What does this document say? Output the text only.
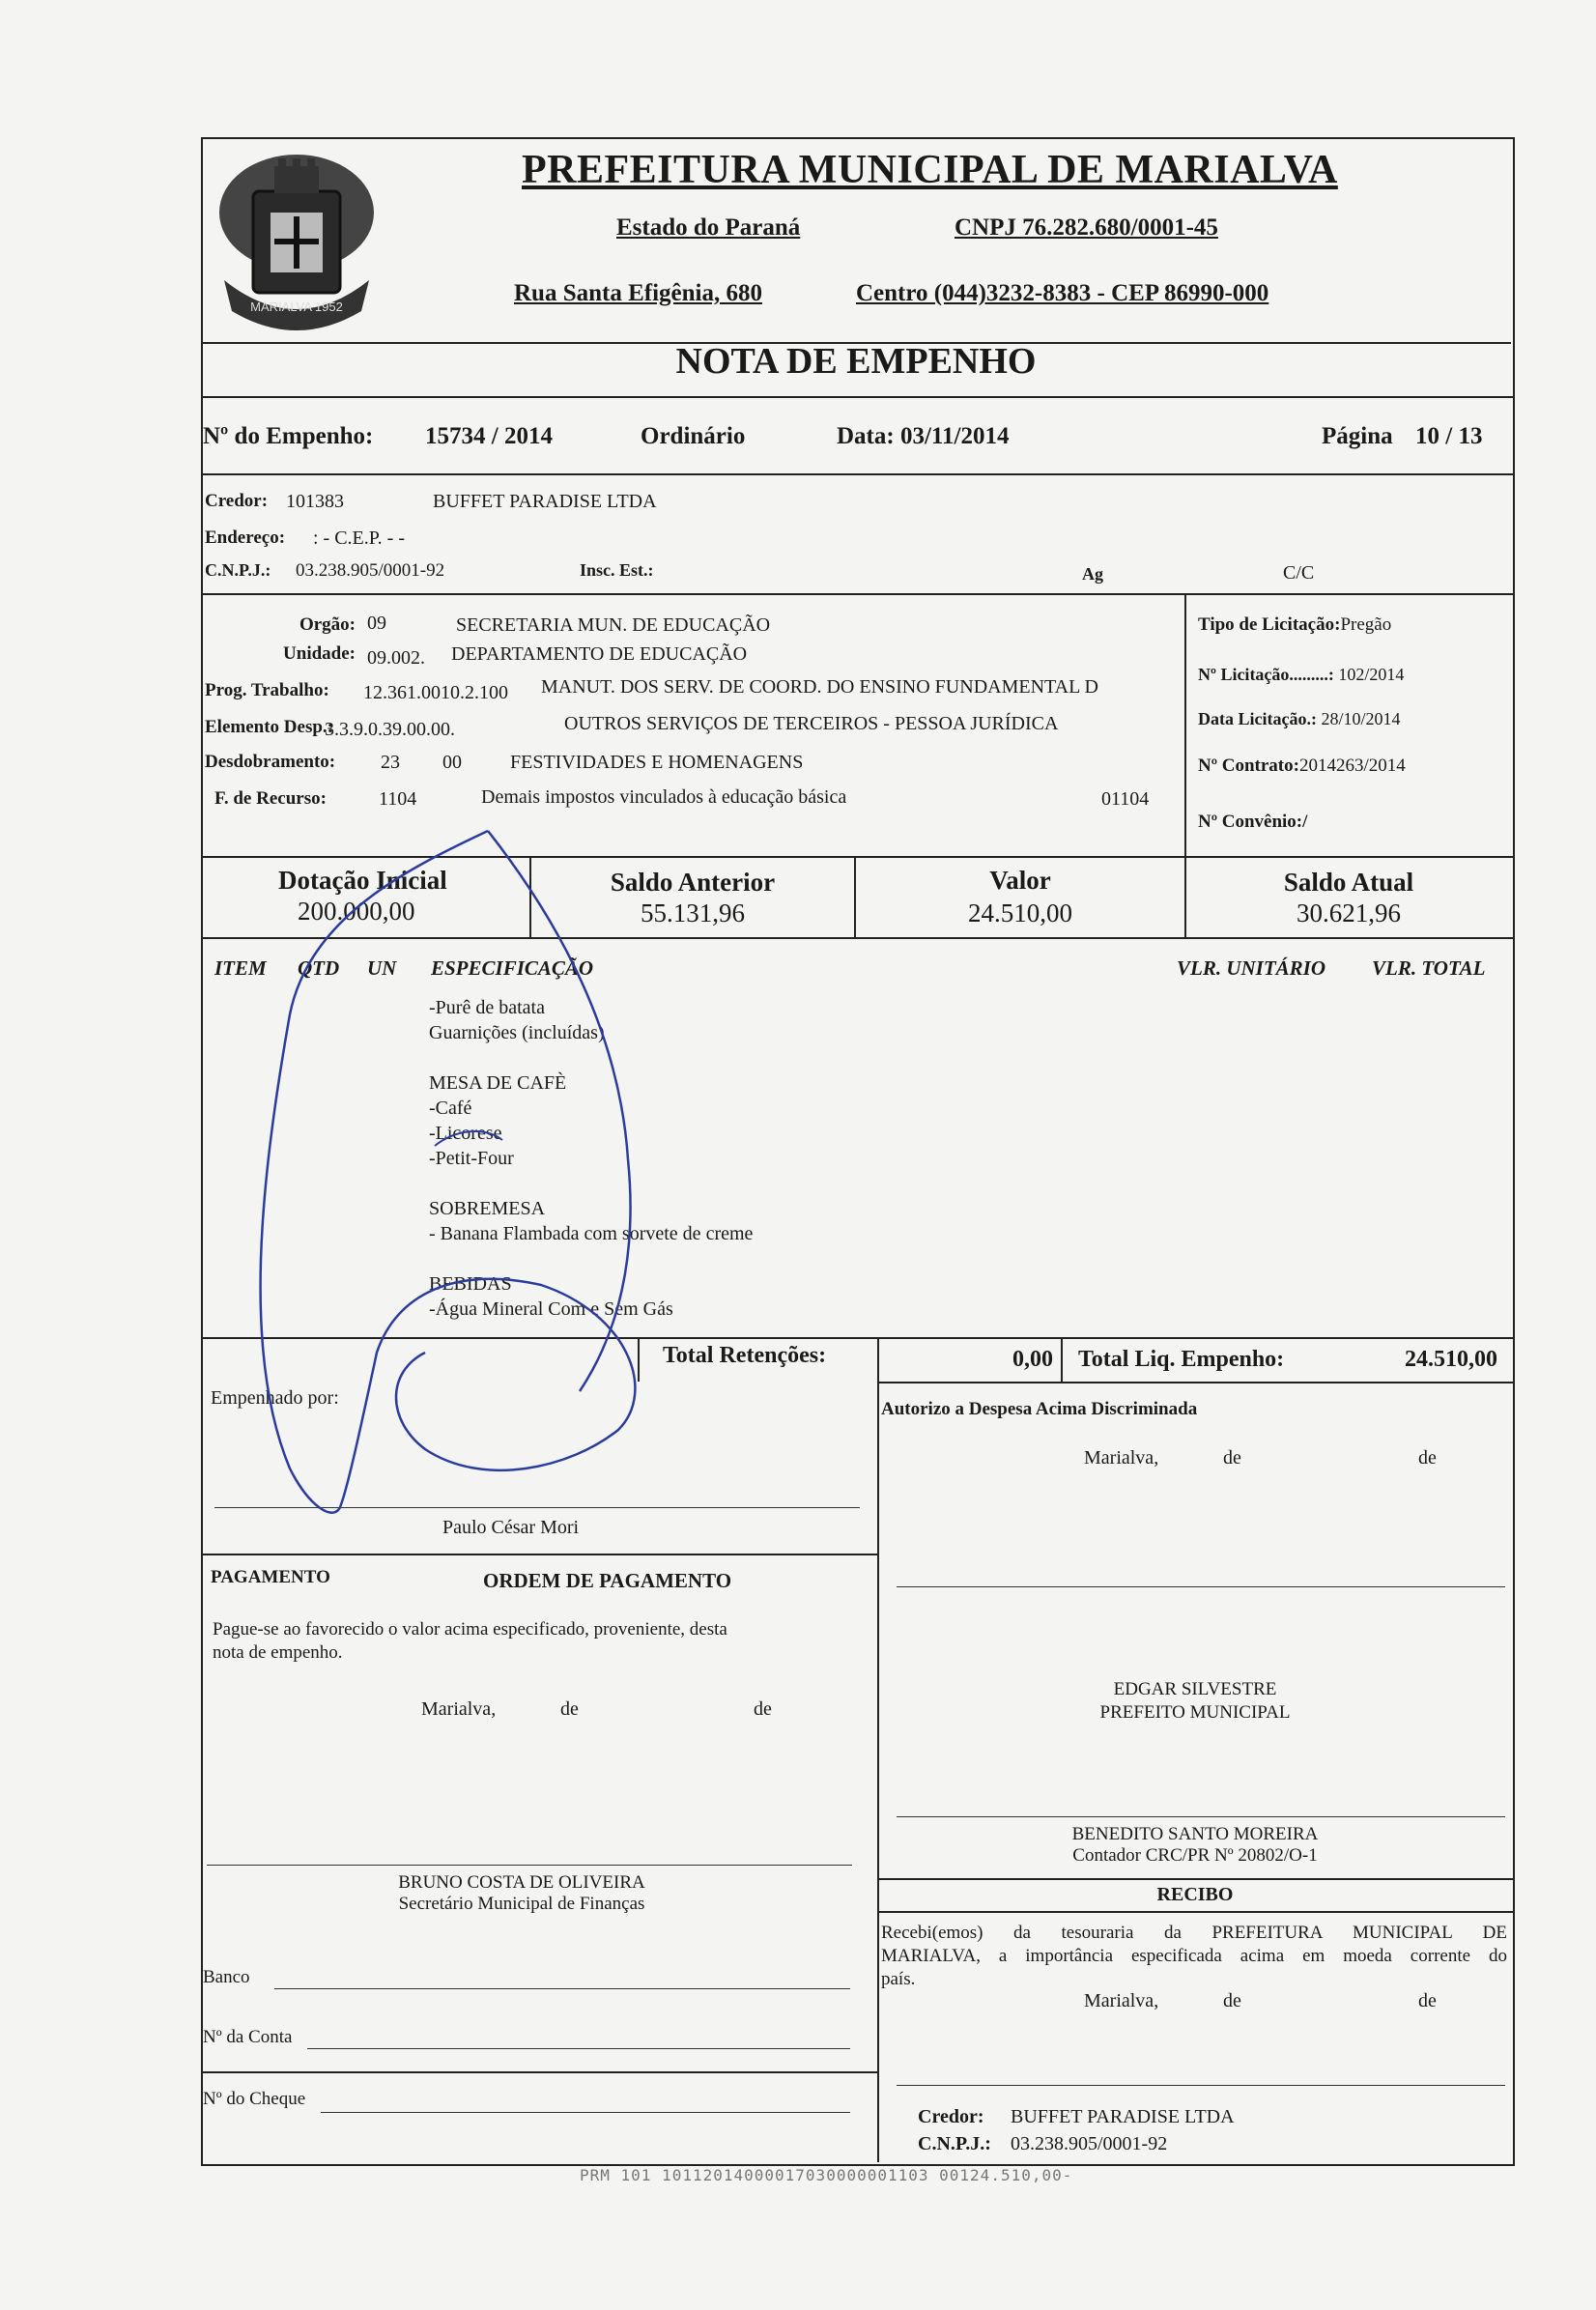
MARIALVA 1952
PREFEITURA MUNICIPAL DE MARIALVA
Estado do Paraná	CNPJ 76.282.680/0001-45
Rua Santa Efigênia, 680	Centro (044)3232-8383 - CEP 86990-000
NOTA DE EMPENHO
Nº do Empenho: 15734 / 2014	Ordinário	Data: 03/11/2014	Página 10 / 13
Credor: 101383	BUFFET PARADISE LTDA
Endereço: : - C.E.P. - -
C.N.P.J.: 03.238.905/0001-92	Insc. Est.:	Ag	C/C
Orgão: 09	SECRETARIA MUN. DE EDUCAÇÃO
Unidade: 09.002. DEPARTAMENTO DE EDUCAÇÃO
Prog. Trabalho: 12.361.0010.2.100 MANUT. DOS SERV. DE COORD. DO ENSINO FUNDAMENTAL D
Elemento Desp.:
3.3.9.0.39.00.00.	OUTROS SERVIÇOS DE TERCEIROS - PESSOA JURÍDICA
Desdobramento: 23 00	FESTIVIDADES E HOMENAGENS
F. de Recurso:	1104	Demais impostos vinculados à educação básica	01104
Tipo de Licitação:Pregão
Nº Licitação.........: 102/2014
Data Licitação.: 28/10/2014
Nº Contrato:2014263/2014
Nº Convênio:/
Dotação Inicial
200.000,00
Saldo Anterior
55.131,96
Valor
24.510,00
Saldo Atual
30.621,96
ITEM QTD UN ESPECIFICAÇÃO	VLR. UNITÁRIO VLR. TOTAL
-Purê de batata
Guarnições (incluídas)
MESA DE CAFÈ
-Café
-Licorese
-Petit-Four
SOBREMESA
- Banana Flambada com sorvete de creme
BEBIDAS
-Água Mineral Com e Sem Gás
Total Retenções:	0,00 Total Liq. Empenho:	24.510,00
Empenhado por:
Autorizo a Despesa Acima Discriminada
Marialva,	de	de
Paulo César Mori
PAGAMENTO	ORDEM DE PAGAMENTO
Pague-se ao favorecido o valor acima especificado, proveniente, desta
nota de empenho.
Marialva,	de	de
EDGAR SILVESTRE
PREFEITO MUNICIPAL
BENEDITO SANTO MOREIRA
Contador CRC/PR Nº 20802/O-1
RECIBO
Recebi(emos) da tesouraria da PREFEITURA MUNICIPAL DE
MARIALVA, a importância especificada acima em moeda corrente do
país.
Marialva,	de	de
BRUNO COSTA DE OLIVEIRA
Secretário Municipal de Finanças
Banco
Nº da Conta
Nº do Cheque
Credor: BUFFET PARADISE LTDA
C.N.P.J.: 03.238.905/0001-92
PRM 101 10112014000017030000001103 00124.510,00-
